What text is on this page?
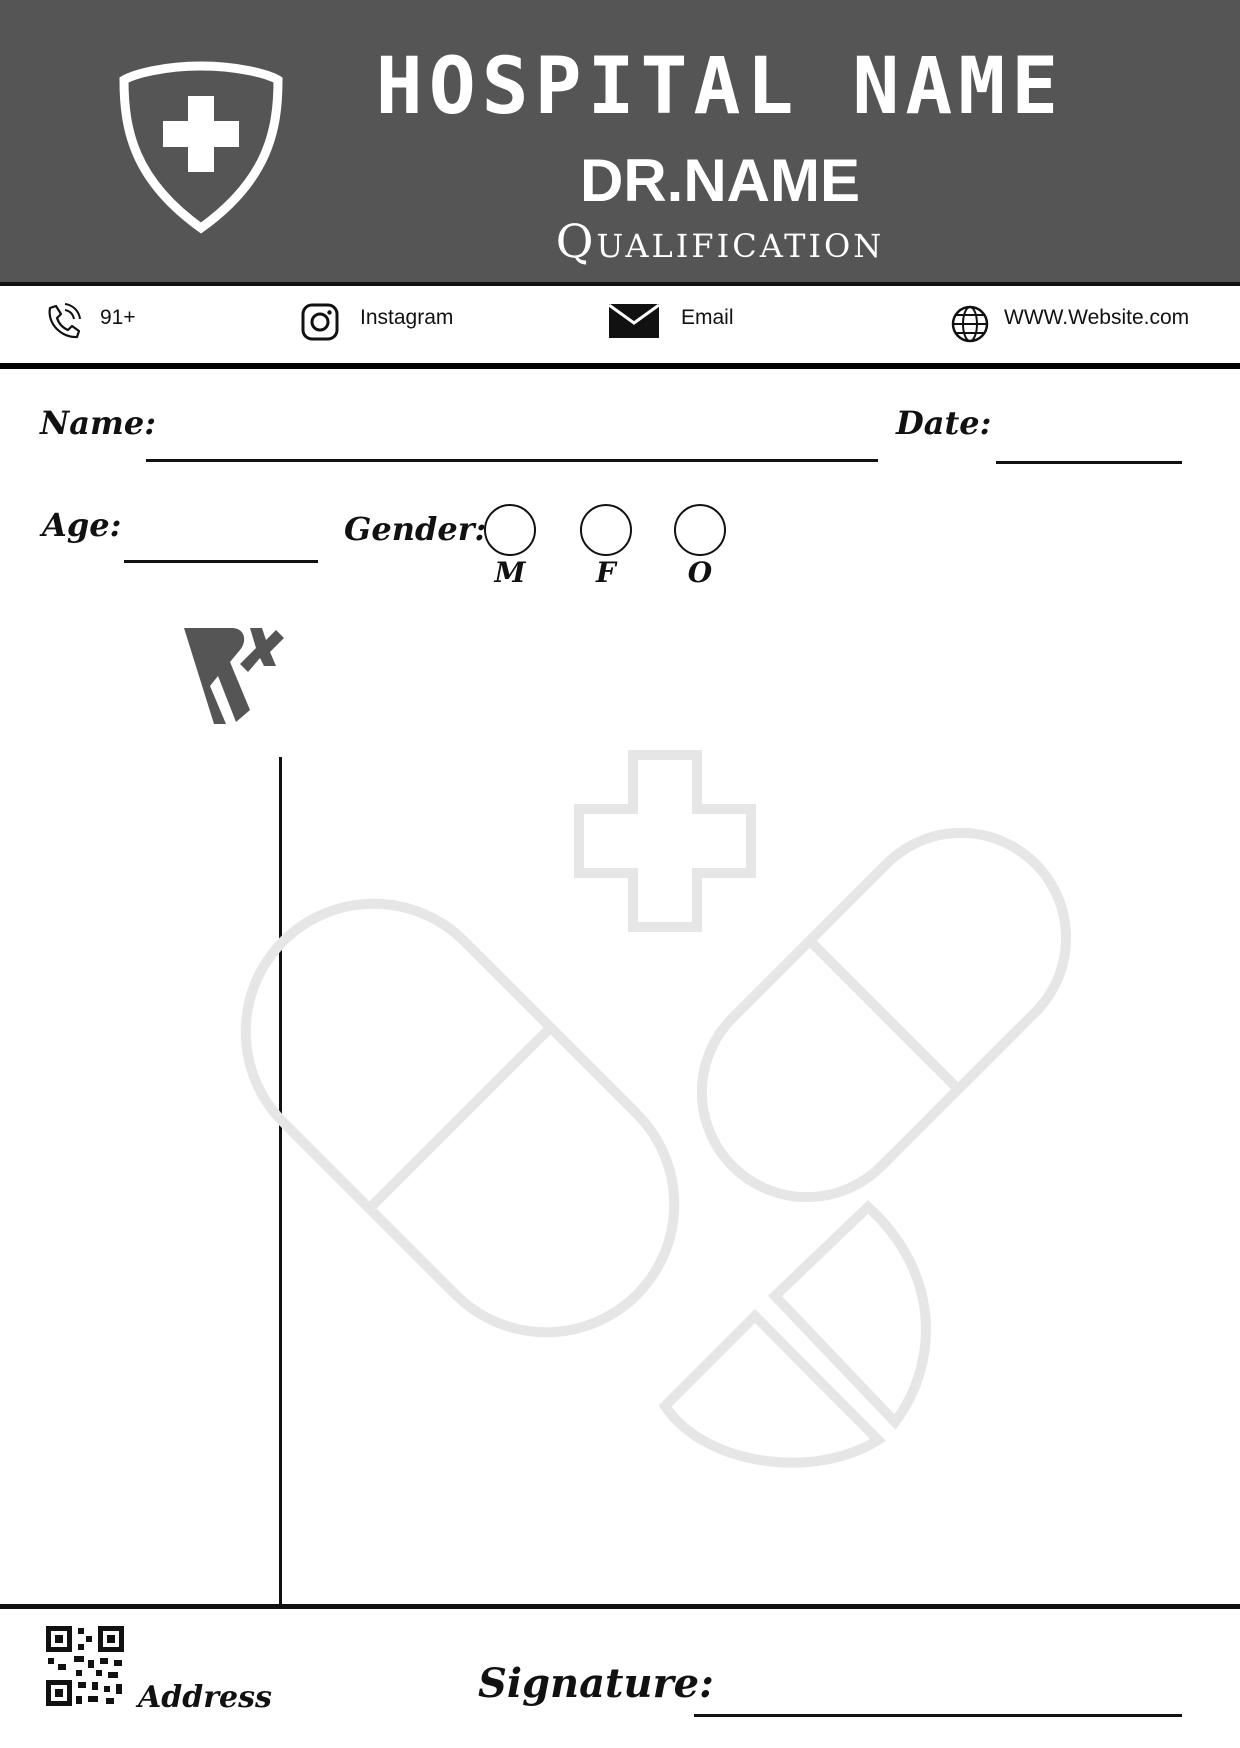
HOSPITAL NAME
DR.NAME
Qualification
91+	Instagram	Email	WWW.Website.com
Name:	Date:
Age:	Gender:
M	F	O
Address	Signature:
